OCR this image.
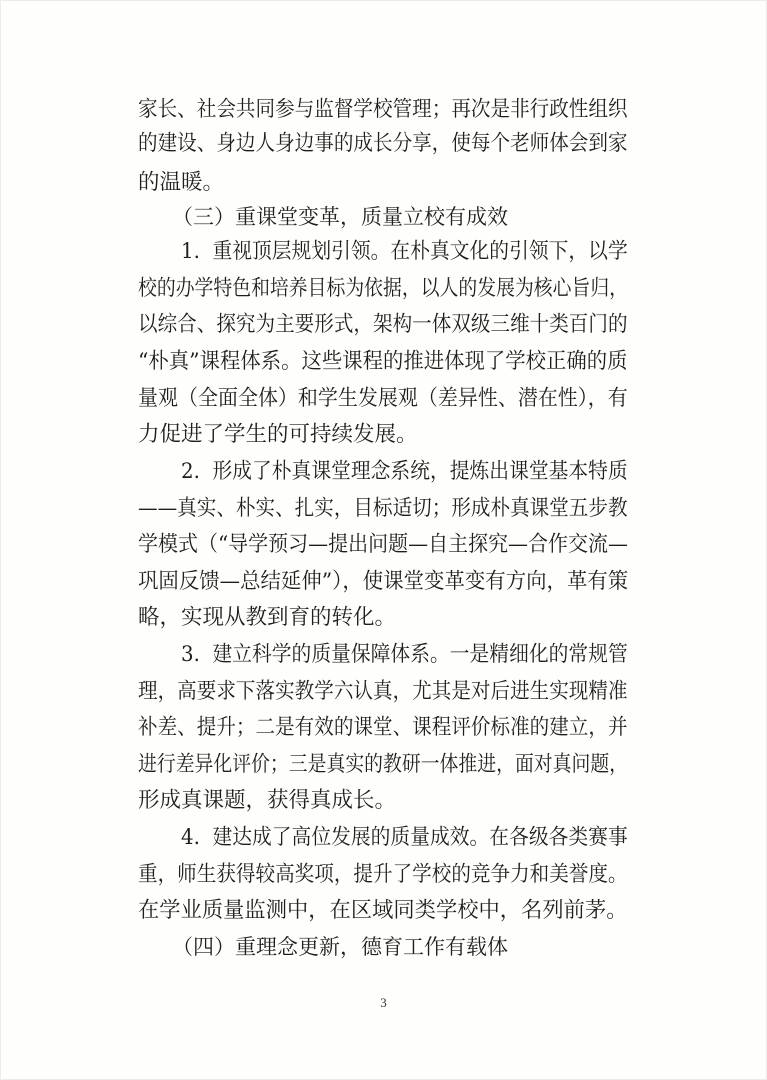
家长、社会共同参与监督学校管理；再次是非行政性组织
的建设、身边人身边事的成长分享，使每个老师体会到家
的温暖。
（三）重课堂变革，质量立校有成效
1.  重视顶层规划引领。在朴真文化的引领下，以学
校的办学特色和培养目标为依据，以人的发展为核心旨归，
以综合、探究为主要形式，架构一体双级三维十类百门的
“朴真”课程体系。这些课程的推进体现了学校正确的质
量观（全面全体）和学生发展观（差异性、潜在性），有
力促进了学生的可持续发展。
2.  形成了朴真课堂理念系统，提炼出课堂基本特质
——真实、朴实、扎实，目标适切；形成朴真课堂五步教
学模式（“导学预习—提出问题—自主探究—合作交流—
巩固反馈—总结延伸”），使课堂变革变有方向，革有策
略，实现从教到育的转化。
3.  建立科学的质量保障体系。一是精细化的常规管
理，高要求下落实教学六认真，尤其是对后进生实现精准
补差、提升；二是有效的课堂、课程评价标准的建立，并
进行差异化评价；三是真实的教研一体推进，面对真问题，
形成真课题，获得真成长。
4.  建达成了高位发展的质量成效。在各级各类赛事
重，师生获得较高奖项，提升了学校的竞争力和美誉度。
在学业质量监测中，在区域同类学校中，名列前茅。
（四）重理念更新，德育工作有载体
3
